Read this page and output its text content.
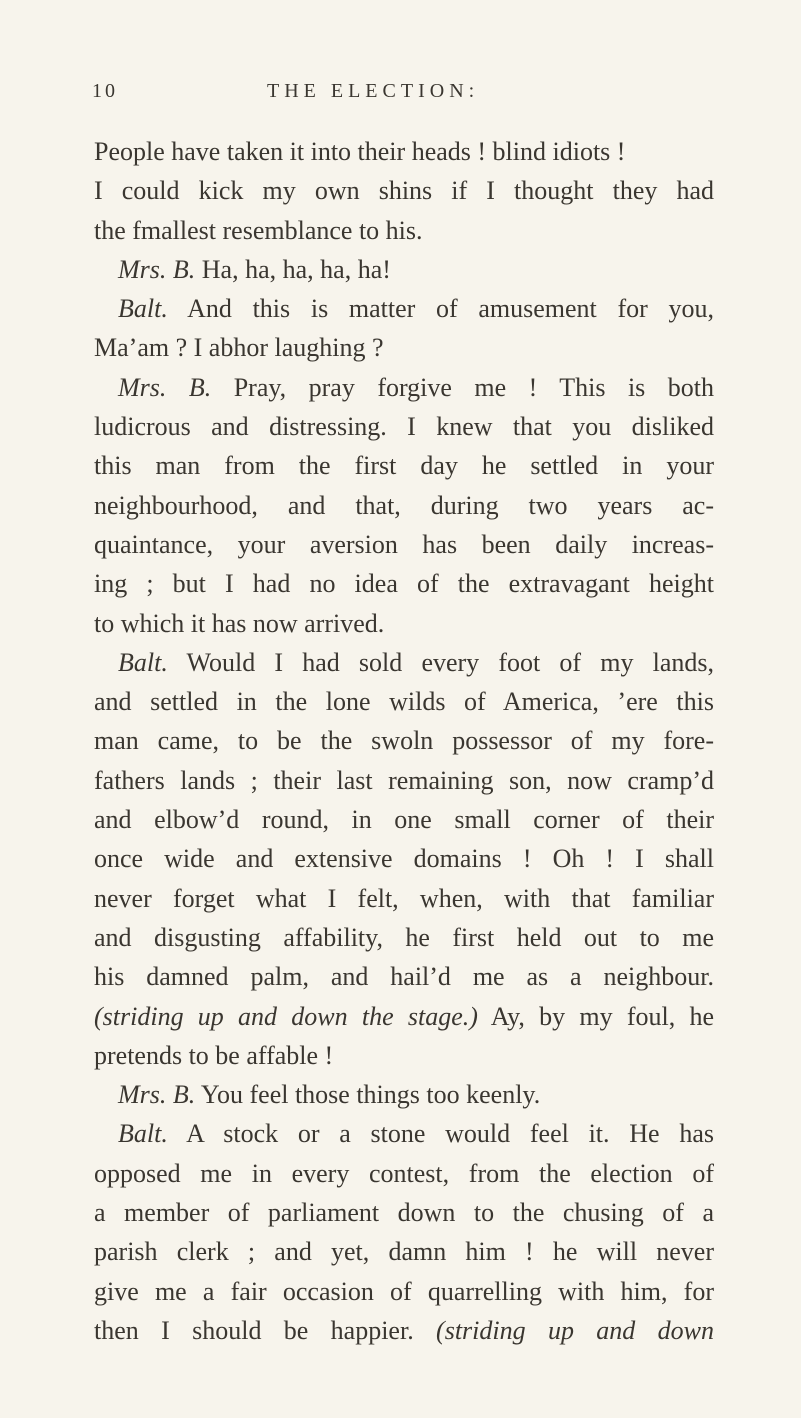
10	THE ELECTION:
People have taken it into their heads ! blind idiots !
I could kick my own shins if I thought they had
the fmallest resemblance to his.
Mrs. B. Ha, ha, ha, ha, ha!
Balt. And this is matter of amusement for you,
Ma’am ? I abhor laughing ?
Mrs. B. Pray, pray forgive me ! This is both
ludicrous and distressing. I knew that you disliked
this man from the first day he settled in your
neighbourhood, and that, during two years ac-
quaintance, your aversion has been daily increas-
ing ; but I had no idea of the extravagant height
to which it has now arrived.
Balt. Would I had sold every foot of my lands,
and settled in the lone wilds of America, ’ere this
man came, to be the swoln possessor of my fore-
fathers lands ; their last remaining son, now cramp’d
and elbow’d round, in one small corner of their
once wide and extensive domains ! Oh ! I shall
never forget what I felt, when, with that familiar
and disgusting affability, he first held out to me
his damned palm, and hail’d me as a neighbour.
(striding up and down the stage.) Ay, by my foul, he
pretends to be affable !
Mrs. B. You feel those things too keenly.
Balt. A stock or a stone would feel it. He has
opposed me in every contest, from the election of
a member of parliament down to the chusing of a
parish clerk ; and yet, damn him ! he will never
give me a fair occasion of quarrelling with him, for
then I should be happier. (striding up and down
